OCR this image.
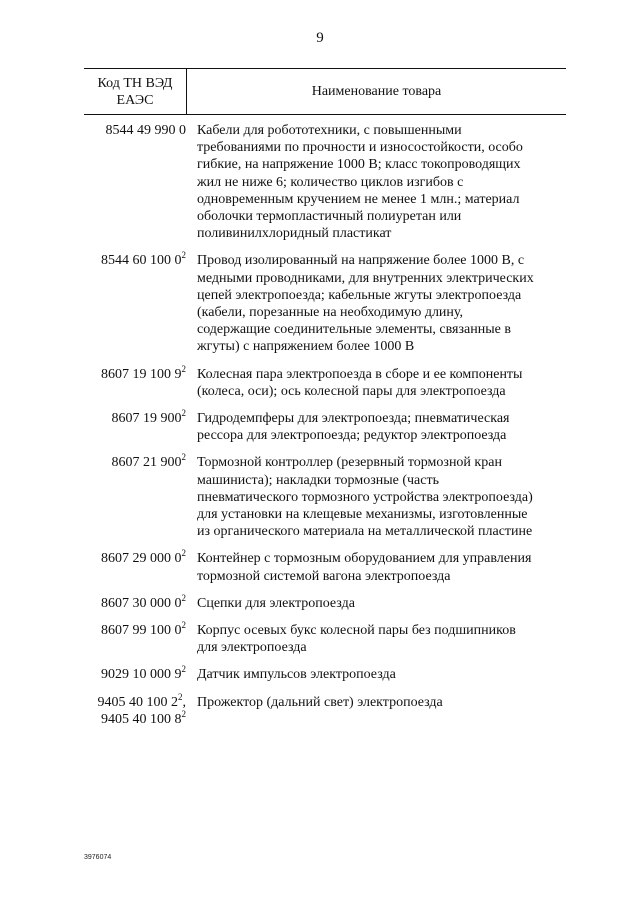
9
Код ТН ВЭД
ЕАЭС
Наименование товара
8544 49 990 0 Кабели для робототехники, с повышенными
требованиями по прочности и износостойкости, особо
гибкие, на напряжение 1000 В; класс токопроводящих
жил не ниже 6; количество циклов изгибов с
одновременным кручением не менее 1 млн.; материал
оболочки термопластичный полиуретан или
поливинилхлоридный пластикат
8544 60 100 $0^2$ Провод изолированный на напряжение более 1000 В, с
медными проводниками, для внутренних электрических
цепей электропоезда; кабельные жгуты электропоезда
(кабели, порезанные на необходимую длину,
содержащие соединительные элементы, связанные в
жгуты) с напряжением более 1000 В
8607 19 100 $9^2$ Колесная пара электропоезда в сборе и ее компоненты
(колеса, оси); ось колесной пары для электропоезда
8607 19 $900^2$ Гидродемпферы для электропоезда; пневматическая
рессора для электропоезда; редуктор электропоезда
8607 21 $900^2$ Тормозной контроллер (резервный тормозной кран
машиниста); накладки тормозные (часть
пневматического тормозного устройства электропоезда)
для установки на клещевые механизмы, изготовленные
из органического материала на металлической пластине
8607 29 000 $0^2$ Контейнер с тормозным оборудованием для управления
тормозной системой вагона электропоезда
8607 30 000 $0^2$ Сцепки для электропоезда
8607 99 100 $0^2$ Корпус осевых букс колесной пары без подшипников
для электропоезда
9029 10 000 $9^2$ Датчик импульсов электропоезда
9405 40 100 $2^2$,
9405 40 100 $8^2$
Прожектор (дальний свет) электропоезда
3976074
